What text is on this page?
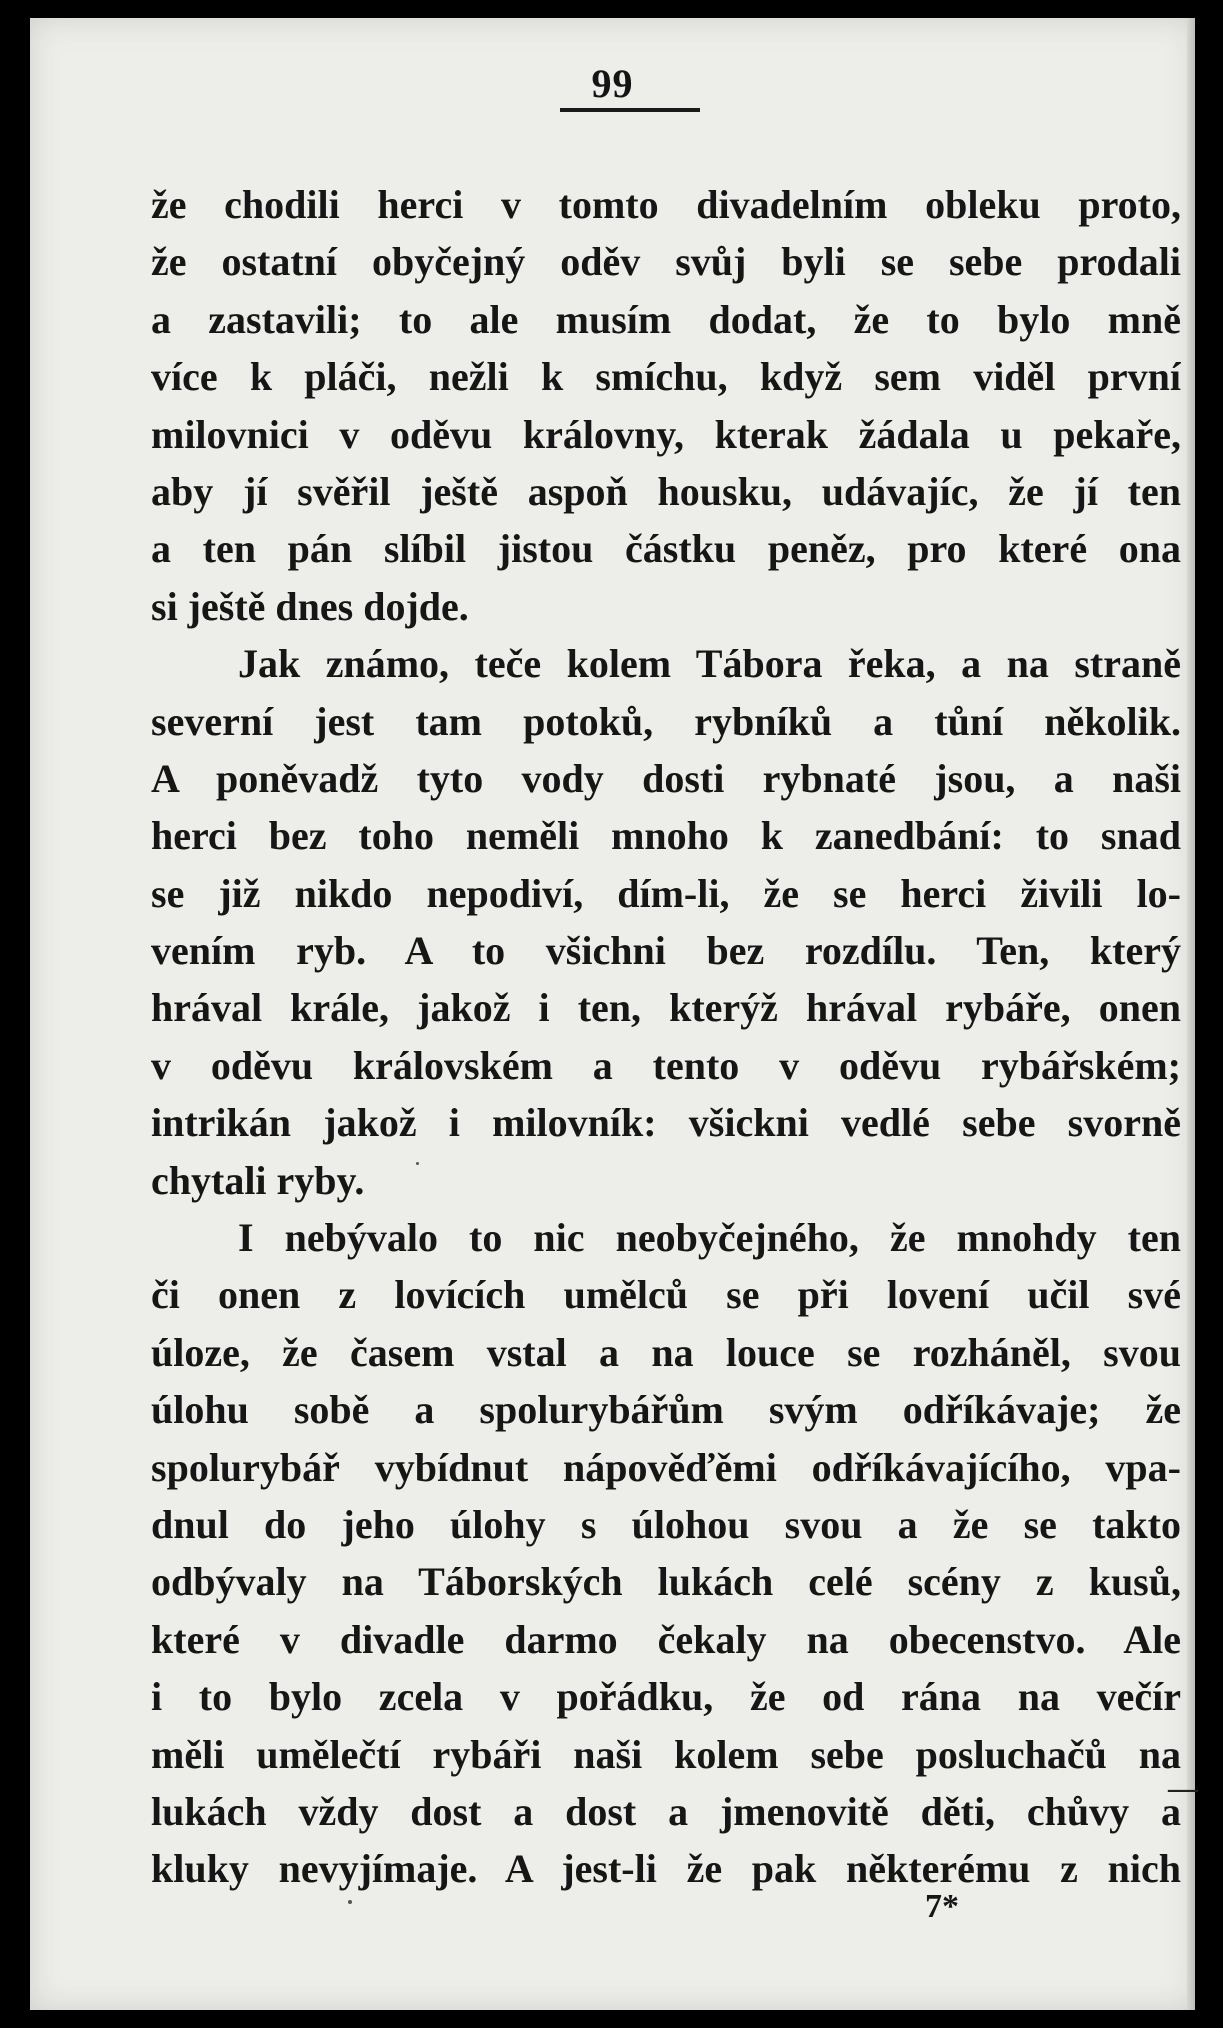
99
že chodili herci v tomto divadelním obleku proto,
že ostatní obyčejný oděv svůj byli se sebe prodali
a zastavili; to ale musím dodat, že to bylo mně
více k pláči, nežli k smíchu, když sem viděl první
milovnici v oděvu královny, kterak žádala u pekaře,
aby jí svěřil ještě aspoň housku, udávajíc, že jí ten
a ten pán slíbil jistou částku peněz, pro které ona
si ještě dnes dojde.
Jak známo, teče kolem Tábora řeka, a na straně
severní jest tam potoků, rybníků a tůní několik.
A poněvadž tyto vody dosti rybnaté jsou, a naši
herci bez toho neměli mnoho k zanedbání: to snad
se již nikdo nepodiví, dím-li, že se herci živili lo-
vením ryb. A to všichni bez rozdílu. Ten, který
hrával krále, jakož i ten, kterýž hrával rybáře, onen
v oděvu královském a tento v oděvu rybářském;
intrikán jakož i milovník: všickni vedlé sebe svorně
chytali ryby.
I nebývalo to nic neobyčejného, že mnohdy ten
či onen z lovících umělců se při lovení učil své
úloze, že časem vstal a na louce se rozháněl, svou
úlohu sobě a spolurybářům svým odříkávaje; že
spolurybář vybídnut nápověďěmi odříkávajícího, vpa-
dnul do jeho úlohy s úlohou svou a že se takto
odbývaly na Táborských lukách celé scény z kusů,
které v divadle darmo čekaly na obecenstvo. Ale
i to bylo zcela v pořádku, že od rána na večír
měli umělečtí rybáři naši kolem sebe posluchačů na
lukách vždy dost a dost a jmenovitě děti, chůvy a
kluky nevyjímaje. A jest-li že pak některému z nich
7*
—
